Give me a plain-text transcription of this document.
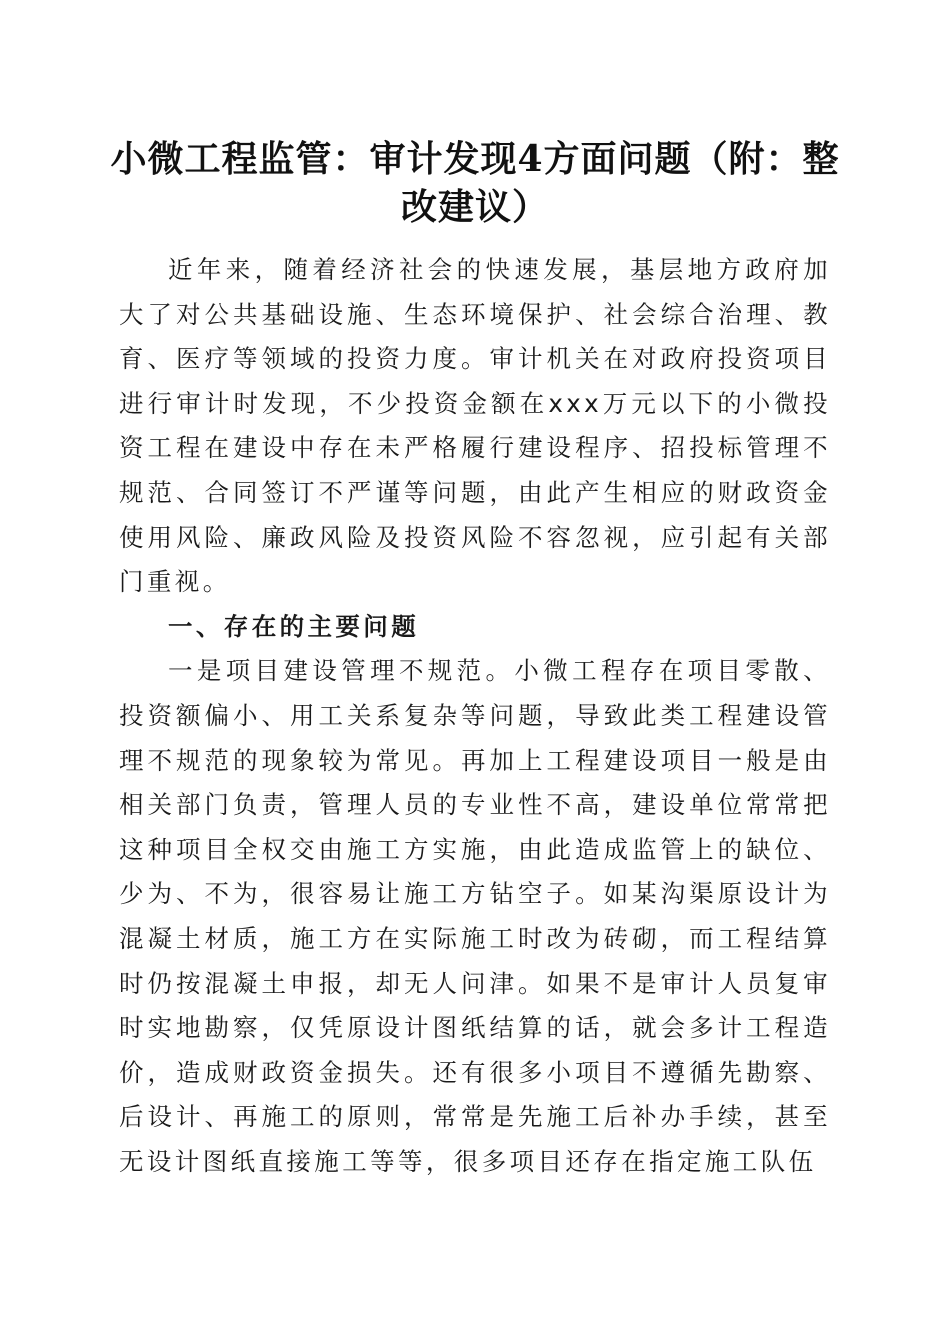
小微工程监管：审计发现4方面问题（附：整
改建议）

近年来，随着经济社会的快速发展，基层地方政府加大了对公共基础设施、生态环境保护、社会综合治理、教育、医疗等领域的投资力度。审计机关在对政府投资项目进行审计时发现，不少投资金额在xxx万元以下的小微投资工程在建设中存在未严格履行建设程序、招投标管理不规范、合同签订不严谨等问题，由此产生相应的财政资金使用风险、廉政风险及投资风险不容忽视，应引起有关部门重视。

一、存在的主要问题

一是项目建设管理不规范。小微工程存在项目零散、投资额偏小、用工关系复杂等问题，导致此类工程建设管理不规范的现象较为常见。再加上工程建设项目一般是由相关部门负责，管理人员的专业性不高，建设单位常常把这种项目全权交由施工方实施，由此造成监管上的缺位、少为、不为，很容易让施工方钻空子。如某沟渠原设计为混凝土材质，施工方在实际施工时改为砖砌，而工程结算时仍按混凝土申报，却无人问津。如果不是审计人员复审时实地勘察，仅凭原设计图纸结算的话，就会多计工程造价，造成财政资金损失。还有很多小项目不遵循先勘察、后设计、再施工的原则，常常是先施工后补办手续，甚至无设计图纸直接施工等等，很多项目还存在指定施工队伍
